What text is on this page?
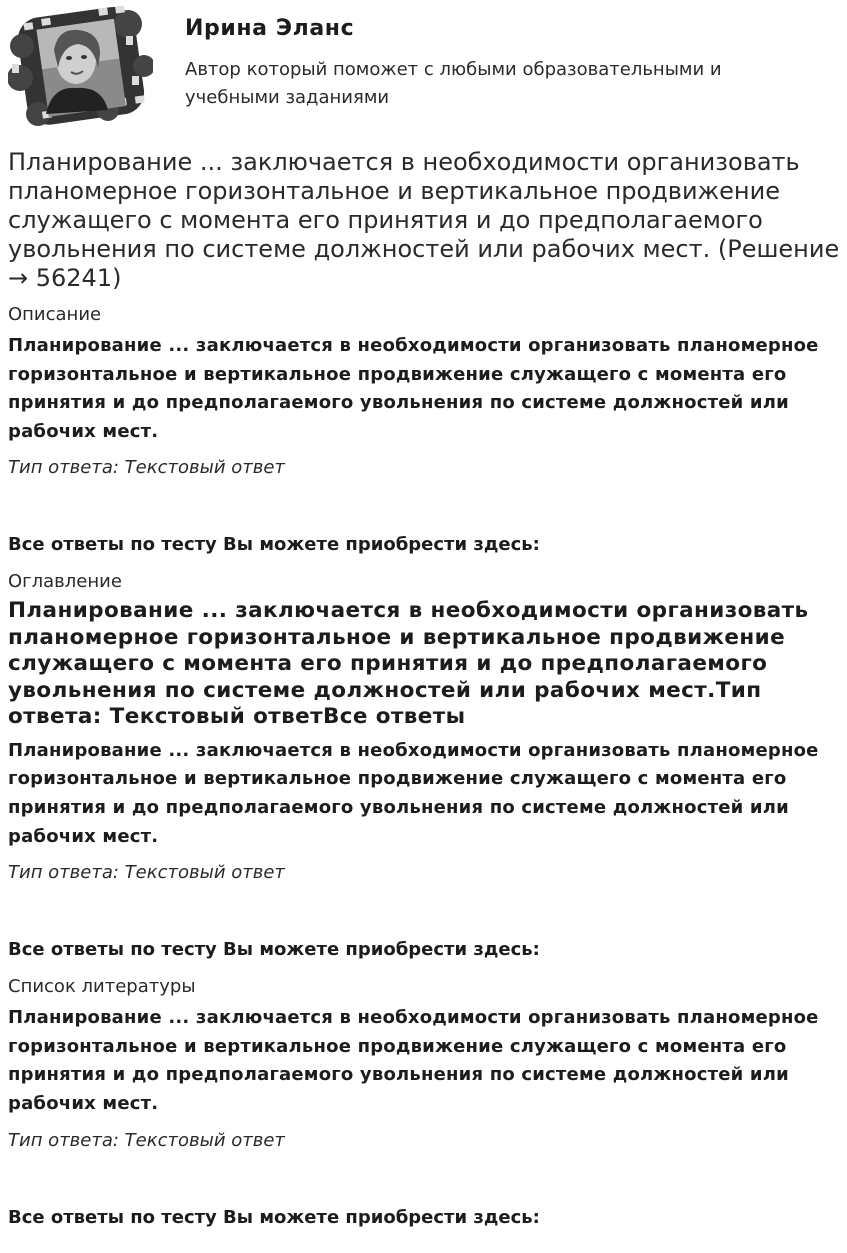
Ирина Эланс
Автор который поможет с любыми образовательными и учебными заданиями
Планирование ... заключается в необходимости организовать планомерное горизонтальное и вертикальное продвижение служащего с момента его принятия и до предполагаемого увольнения по системе должностей или рабочих мест. (Решение → 56241)
Описание
Планирование ... заключается в необходимости организовать планомерное горизонтальное и вертикальное продвижение служащего с момента его принятия и до предполагаемого увольнения по системе должностей или рабочих мест.
Тип ответа: Текстовый ответ
Все ответы по тесту Вы можете приобрести здесь:
Оглавление
Планирование ... заключается в необходимости организовать планомерное горизонтальное и вертикальное продвижение служащего с момента его принятия и до предполагаемого увольнения по системе должностей или рабочих мест.Тип ответа: Текстовый ответВсе ответы
Планирование ... заключается в необходимости организовать планомерное горизонтальное и вертикальное продвижение служащего с момента его принятия и до предполагаемого увольнения по системе должностей или рабочих мест.
Тип ответа: Текстовый ответ
Все ответы по тесту Вы можете приобрести здесь:
Список литературы
Планирование ... заключается в необходимости организовать планомерное горизонтальное и вертикальное продвижение служащего с момента его принятия и до предполагаемого увольнения по системе должностей или рабочих мест.
Тип ответа: Текстовый ответ
Все ответы по тесту Вы можете приобрести здесь:
